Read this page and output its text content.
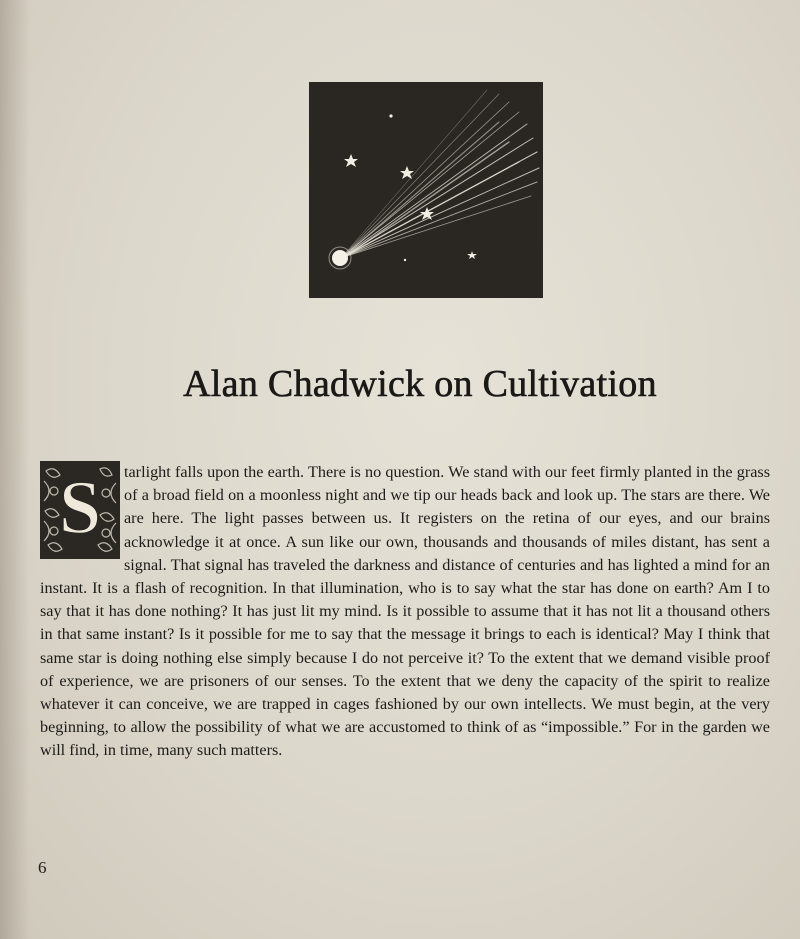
Alan Chadwick on Cultivation

S tarlight falls upon the earth. There is no question. We stand with our feet firmly planted in the grass of a broad field on a moonless night and we tip our heads back and look up. The stars are there. We are here. The light passes between us. It registers on the retina of our eyes, and our brains acknowledge it at once. A sun like our own, thousands and thousands of miles distant, has sent a signal. That signal has traveled the darkness and distance of centuries and has lighted a mind for an instant. It is a flash of recognition. In that illumination, who is to say what the star has done on earth? Am I to say that it has done nothing? It has just lit my mind. Is it possible to assume that it has not lit a thousand others in that same instant? Is it possible for me to say that the message it brings to each is identical? May I think that same star is doing nothing else simply because I do not perceive it? To the extent that we demand visible proof of experience, we are prisoners of our senses. To the extent that we deny the capacity of the spirit to realize whatever it can conceive, we are trapped in cages fashioned by our own intellects. We must begin, at the very beginning, to allow the possibility of what we are accustomed to think of as “impossible.” For in the garden we will find, in time, many such matters.

6
